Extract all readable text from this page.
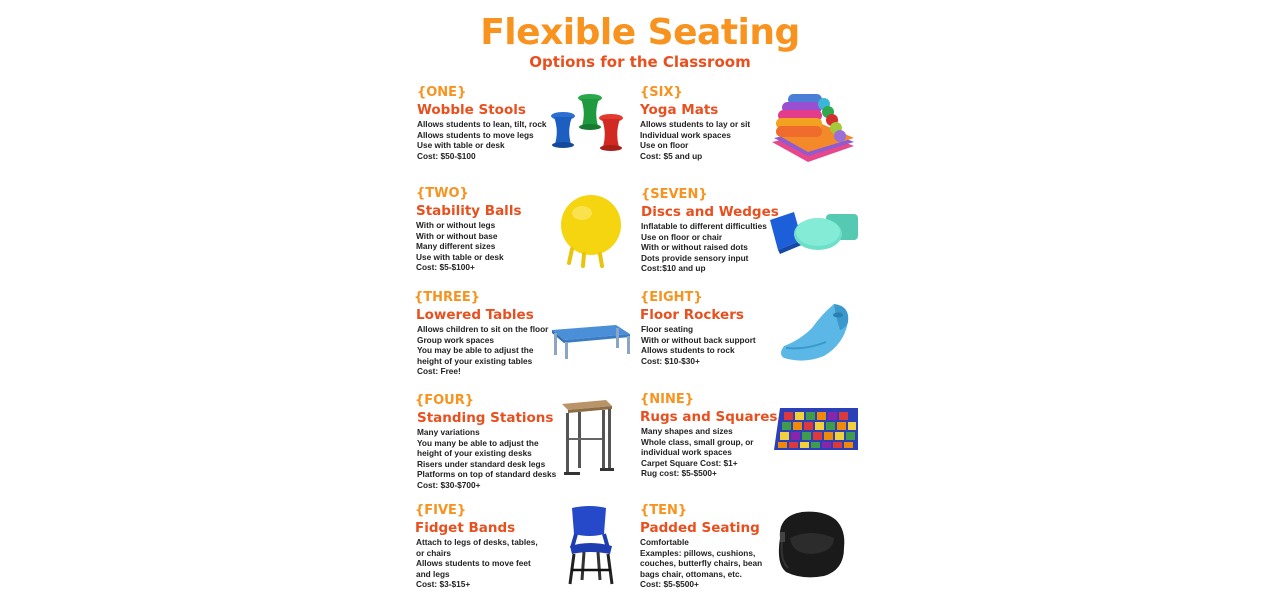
Flexible Seating
Options for the Classroom
{ONE}
Wobble Stools
Allows students to lean, tilt, rock
Allows students to move legs
Use with table or desk
Cost: $50-$100
{TWO}
Stability Balls
With or without legs
With or without base
Many different sizes
Use with table or desk
Cost: $5-$100+
{THREE}
Lowered Tables
Allows children to sit on the floor
Group work spaces
You may be able to adjust the
height of your existing tables
Cost: Free!
{FOUR}
Standing Stations
Many variations
You many be able to adjust the
height of your existing desks
Risers under standard desk legs
Platforms on top of standard desks
Cost: $30-$700+
{FIVE}
Fidget Bands
Attach to legs of desks, tables,
or chairs
Allows students to move feet
and legs
Cost: $3-$15+
{SIX}
Yoga Mats
Allows students to lay or sit
Individual work spaces
Use on floor
Cost: $5 and up
{SEVEN}
Discs and Wedges
Inflatable to different difficulties
Use on floor or chair
With or without raised dots
Dots provide sensory input
Cost:$10 and up
{EIGHT}
Floor Rockers
Floor seating
With or without back support
Allows students to rock
Cost: $10-$30+
{NINE}
Rugs and Squares
Many shapes and sizes
Whole class, small group, or
individual work spaces
Carpet Square Cost: $1+
Rug cost: $5-$500+
{TEN}
Padded Seating
Comfortable
Examples: pillows, cushions,
couches, butterfly chairs, bean
bags chair, ottomans, etc.
Cost: $5-$500+
